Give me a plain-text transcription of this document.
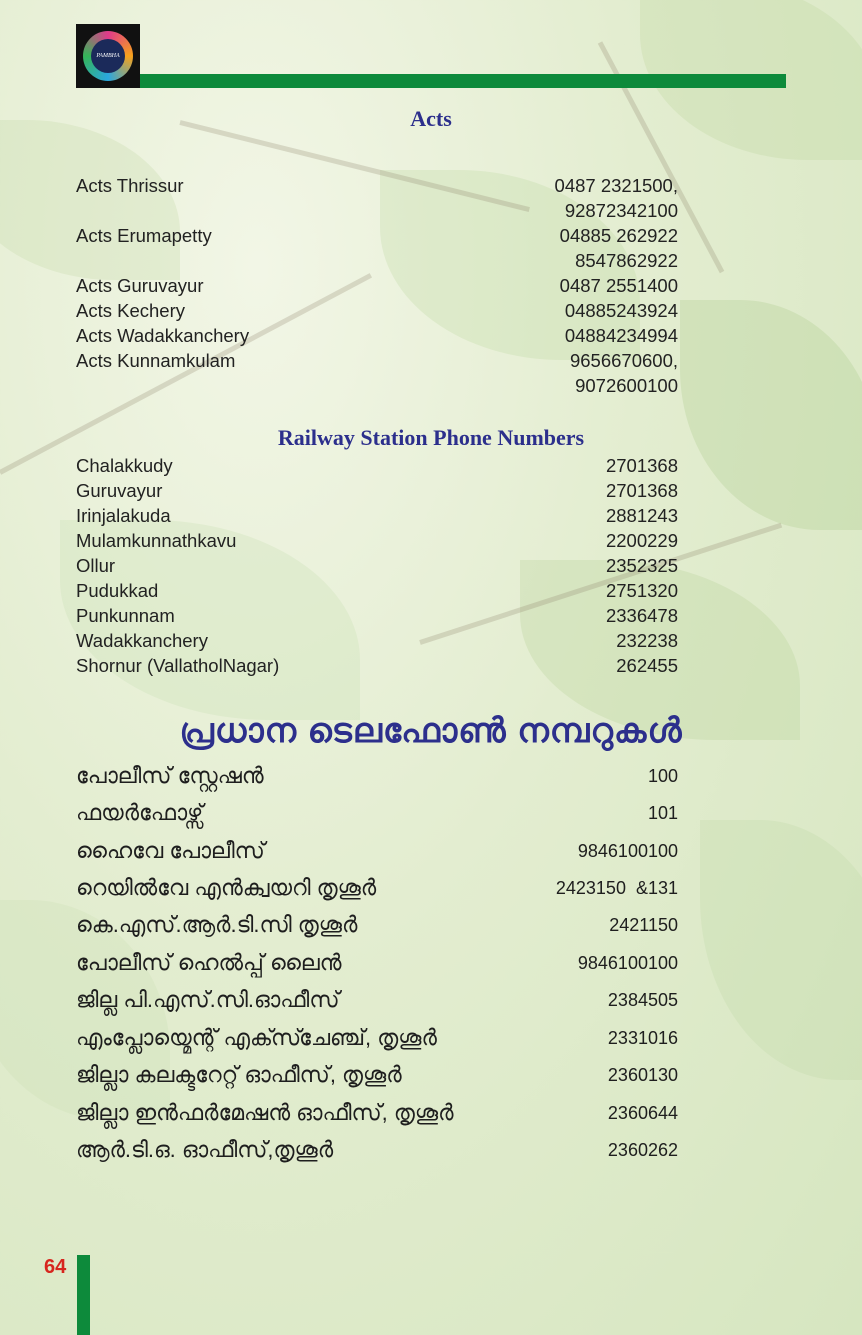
PAMBHA
Acts
Acts Thrissur	0487 2321500,
92872342100
Acts Erumapetty	04885 262922
8547862922
Acts Guruvayur	0487 2551400
Acts Kechery	04885243924
Acts Wadakkanchery	04884234994
Acts Kunnamkulam	9656670600,
9072600100
Railway Station Phone Numbers
Chalakkudy	2701368
Guruvayur	2701368
Irinjalakuda	2881243
Mulamkunnathkavu	2200229
Ollur	2352325
Pudukkad	2751320
Punkunnam	2336478
Wadakkanchery	232238
Shornur (VallatholNagar)	262455
പ്രധാന ടെലഫോൺ നമ്പറുകൾ
പോലീസ് സ്റ്റേഷൻ	100
ഫയർഫോഴ്സ്	101
ഹൈവേ പോലീസ്	9846100100
റെയിൽവേ എൻക്വയറി തൃശൂർ	2423150  &131
കെ.എസ്.ആർ.ടി.സി തൃശൂർ	2421150
പോലീസ് ഹെൽപ്പ് ലൈൻ	9846100100
ജില്ല പി.എസ്.സി.ഓഫീസ്	2384505
എംപ്ലോയ്മെന്റ് എക്സ്ചേഞ്ച്, തൃശൂർ	2331016
ജില്ലാ കലക്ടറേറ്റ് ഓഫീസ്, തൃശൂർ	2360130
ജില്ലാ ഇൻഫർമേഷൻ ഓഫീസ്, തൃശൂർ	2360644
ആർ.ടി.ഒ. ഓഫീസ്,തൃശൂർ	2360262
64
